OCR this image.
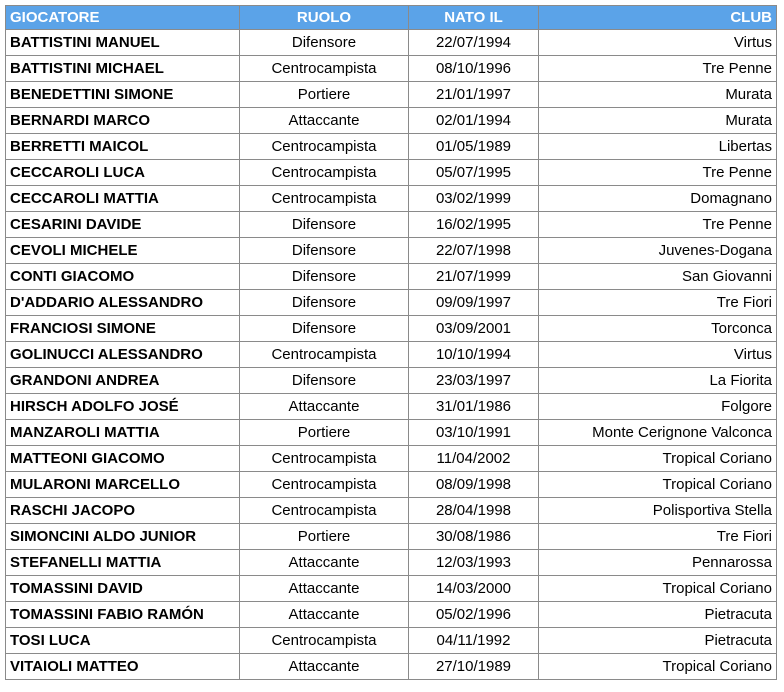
GIOCATORE	RUOLO	NATO IL	CLUB
BATTISTINI MANUEL	Difensore	22/07/1994	Virtus
BATTISTINI MICHAEL	Centrocampista	08/10/1996	Tre Penne
BENEDETTINI SIMONE	Portiere	21/01/1997	Murata
BERNARDI MARCO	Attaccante	02/01/1994	Murata
BERRETTI MAICOL	Centrocampista	01/05/1989	Libertas
CECCAROLI LUCA	Centrocampista	05/07/1995	Tre Penne
CECCAROLI MATTIA	Centrocampista	03/02/1999	Domagnano
CESARINI DAVIDE	Difensore	16/02/1995	Tre Penne
CEVOLI MICHELE	Difensore	22/07/1998	Juvenes-Dogana
CONTI GIACOMO	Difensore	21/07/1999	San Giovanni
D'ADDARIO ALESSANDRO	Difensore	09/09/1997	Tre Fiori
FRANCIOSI SIMONE	Difensore	03/09/2001	Torconca
GOLINUCCI ALESSANDRO	Centrocampista	10/10/1994	Virtus
GRANDONI ANDREA	Difensore	23/03/1997	La Fiorita
HIRSCH ADOLFO JOSÉ	Attaccante	31/01/1986	Folgore
MANZAROLI MATTIA	Portiere	03/10/1991	Monte Cerignone Valconca
MATTEONI GIACOMO	Centrocampista	11/04/2002	Tropical Coriano
MULARONI MARCELLO	Centrocampista	08/09/1998	Tropical Coriano
RASCHI JACOPO	Centrocampista	28/04/1998	Polisportiva Stella
SIMONCINI ALDO JUNIOR	Portiere	30/08/1986	Tre Fiori
STEFANELLI MATTIA	Attaccante	12/03/1993	Pennarossa
TOMASSINI DAVID	Attaccante	14/03/2000	Tropical Coriano
TOMASSINI FABIO RAMÓN	Attaccante	05/02/1996	Pietracuta
TOSI LUCA	Centrocampista	04/11/1992	Pietracuta
VITAIOLI MATTEO	Attaccante	27/10/1989	Tropical Coriano
